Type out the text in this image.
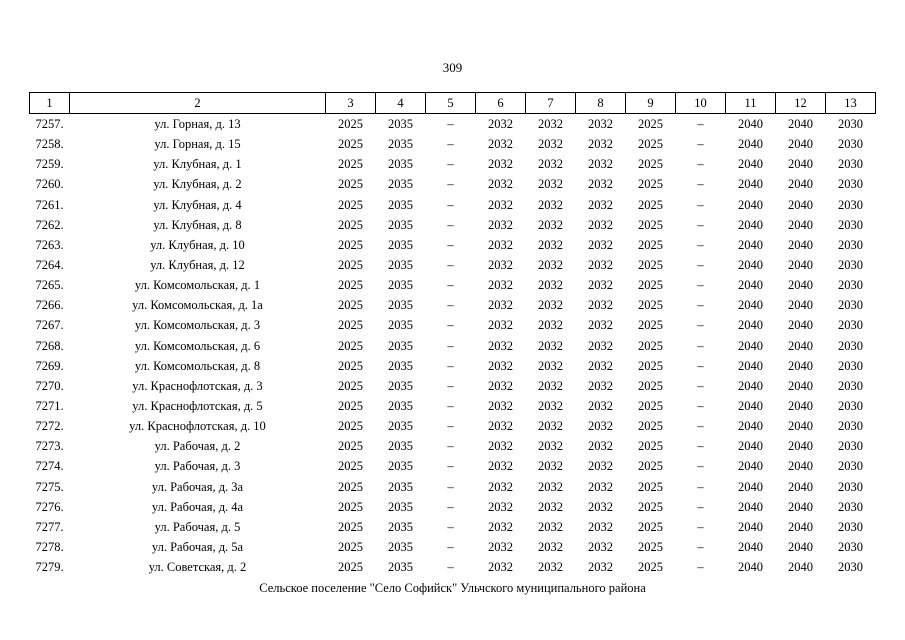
309
1	2	3	4	5	6	7	8	9	10	11	12	13
7257.	ул. Горная, д. 13	2025	2035	–	2032	2032	2032	2025	–	2040	2040	2030
7258.	ул. Горная, д. 15	2025	2035	–	2032	2032	2032	2025	–	2040	2040	2030
7259.	ул. Клубная, д. 1	2025	2035	–	2032	2032	2032	2025	–	2040	2040	2030
7260.	ул. Клубная, д. 2	2025	2035	–	2032	2032	2032	2025	–	2040	2040	2030
7261.	ул. Клубная, д. 4	2025	2035	–	2032	2032	2032	2025	–	2040	2040	2030
7262.	ул. Клубная, д. 8	2025	2035	–	2032	2032	2032	2025	–	2040	2040	2030
7263.	ул. Клубная, д. 10	2025	2035	–	2032	2032	2032	2025	–	2040	2040	2030
7264.	ул. Клубная, д. 12	2025	2035	–	2032	2032	2032	2025	–	2040	2040	2030
7265.	ул. Комсомольская, д. 1	2025	2035	–	2032	2032	2032	2025	–	2040	2040	2030
7266.	ул. Комсомольская, д. 1а	2025	2035	–	2032	2032	2032	2025	–	2040	2040	2030
7267.	ул. Комсомольская, д. 3	2025	2035	–	2032	2032	2032	2025	–	2040	2040	2030
7268.	ул. Комсомольская, д. 6	2025	2035	–	2032	2032	2032	2025	–	2040	2040	2030
7269.	ул. Комсомольская, д. 8	2025	2035	–	2032	2032	2032	2025	–	2040	2040	2030
7270.	ул. Краснофлотская, д. 3	2025	2035	–	2032	2032	2032	2025	–	2040	2040	2030
7271.	ул. Краснофлотская, д. 5	2025	2035	–	2032	2032	2032	2025	–	2040	2040	2030
7272.	ул. Краснофлотская, д. 10	2025	2035	–	2032	2032	2032	2025	–	2040	2040	2030
7273.	ул. Рабочая, д. 2	2025	2035	–	2032	2032	2032	2025	–	2040	2040	2030
7274.	ул. Рабочая, д. 3	2025	2035	–	2032	2032	2032	2025	–	2040	2040	2030
7275.	ул. Рабочая, д. 3а	2025	2035	–	2032	2032	2032	2025	–	2040	2040	2030
7276.	ул. Рабочая, д. 4а	2025	2035	–	2032	2032	2032	2025	–	2040	2040	2030
7277.	ул. Рабочая, д. 5	2025	2035	–	2032	2032	2032	2025	–	2040	2040	2030
7278.	ул. Рабочая, д. 5а	2025	2035	–	2032	2032	2032	2025	–	2040	2040	2030
7279.	ул. Советская, д. 2	2025	2035	–	2032	2032	2032	2025	–	2040	2040	2030
Сельское поселение "Село Софийск" Ульчского муниципального района
